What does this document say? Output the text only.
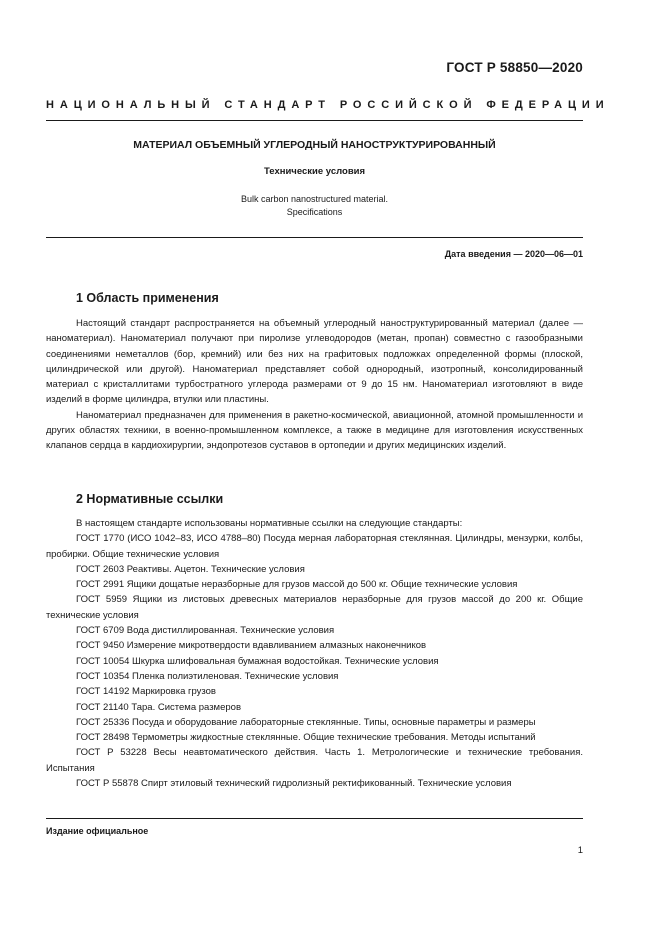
ГОСТ Р 58850—2020
НАЦИОНАЛЬНЫЙ СТАНДАРТ РОССИЙСКОЙ ФЕДЕРАЦИИ
МАТЕРИАЛ ОБЪЕМНЫЙ УГЛЕРОДНЫЙ НАНОСТРУКТУРИРОВАННЫЙ
Технические условия
Bulk carbon nanostructured material.
Specifications
Дата введения — 2020—06—01
1 Область применения

Настоящий стандарт распространяется на объемный углеродный наноструктурированный материал (далее — наноматериал). Наноматериал получают при пиролизе углеводородов (метан, пропан) совместно с газообразными соединениями неметаллов (бор, кремний) или без них на графитовых подложках определенной формы (плоской, цилиндрической или другой). Наноматериал представляет собой однородный, изотропный, консолидированный материал с кристаллитами турбостратного углерода размерами от 9 до 15 нм. Наноматериал изготовляют в виде изделий в форме цилиндра, втулки или пластины.

Наноматериал предназначен для применения в ракетно-космической, авиационной, атомной промышленности и других областях техники, в военно-промышленном комплексе, а также в медицине для изготовления искусственных клапанов сердца в кардиохирургии, эндопротезов суставов в ортопедии и других медицинских изделий.

2 Нормативные ссылки

В настоящем стандарте использованы нормативные ссылки на следующие стандарты:

ГОСТ 1770 (ИСО 1042–83, ИСО 4788–80) Посуда мерная лабораторная стеклянная. Цилиндры, мензурки, колбы, пробирки. Общие технические условия

ГОСТ 2603 Реактивы. Ацетон. Технические условия

ГОСТ 2991 Ящики дощатые неразборные для грузов массой до 500 кг. Общие технические условия

ГОСТ 5959 Ящики из листовых древесных материалов неразборные для грузов массой до 200 кг. Общие технические условия

ГОСТ 6709 Вода дистиллированная. Технические условия

ГОСТ 9450 Измерение микротвердости вдавливанием алмазных наконечников

ГОСТ 10054 Шкурка шлифовальная бумажная водостойкая. Технические условия

ГОСТ 10354 Пленка полиэтиленовая. Технические условия

ГОСТ 14192 Маркировка грузов

ГОСТ 21140 Тара. Система размеров

ГОСТ 25336 Посуда и оборудование лабораторные стеклянные. Типы, основные параметры и размеры

ГОСТ 28498 Термометры жидкостные стеклянные. Общие технические требования. Методы испытаний

ГОСТ Р 53228 Весы неавтоматического действия. Часть 1. Метрологические и технические требования. Испытания

ГОСТ Р 55878 Спирт этиловый технический гидролизный ректификованный. Технические условия

Издание официальное
1
